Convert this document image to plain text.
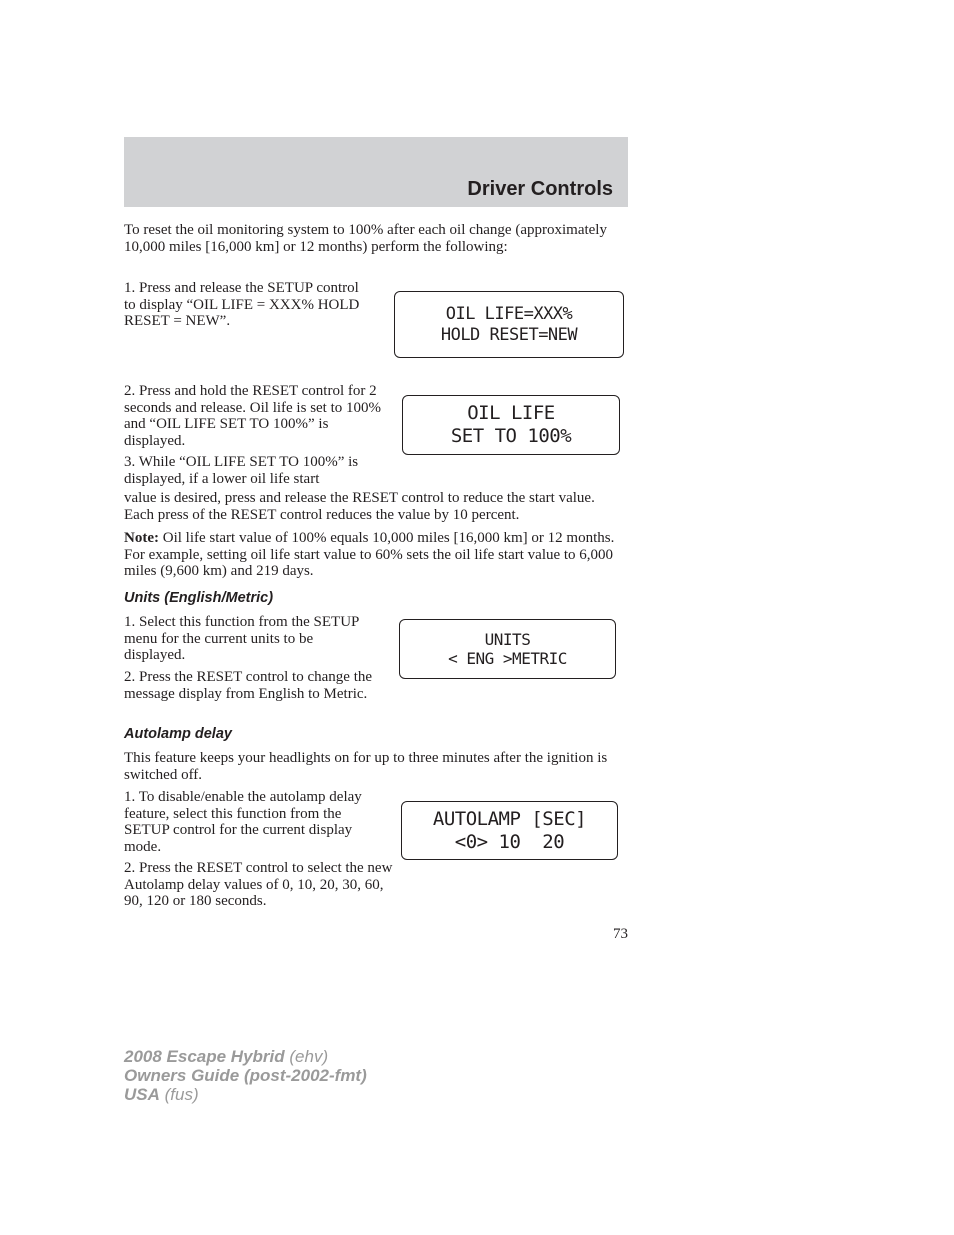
Driver Controls

To reset the oil monitoring system to 100% after each oil change (approximately 10,000 miles [16,000 km] or 12 months) perform the following:

1. Press and release the SETUP control to display “OIL LIFE = XXX% HOLD RESET = NEW”.	OIL LIFE=XXX%
HOLD RESET=NEW

2. Press and hold the RESET control for 2 seconds and release. Oil life is set to 100% and “OIL LIFE SET TO 100%” is displayed.

OIL LIFE
SET TO 100%

3. While “OIL LIFE SET TO 100%” is displayed, if a lower oil life start

value is desired, press and release the RESET control to reduce the start value. Each press of the RESET control reduces the value by 10 percent.

Note: Oil life start value of 100% equals 10,000 miles [16,000 km] or 12 months. For example, setting oil life start value to 60% sets the oil life start value to 6,000 miles (9,600 km) and 219 days.

Units (English/Metric)

1. Select this function from the SETUP menu for the current units to be displayed.

UNITS
< ENG >METRIC

2. Press the RESET control to change the message display from English to Metric.

Autolamp delay

This feature keeps your headlights on for up to three minutes after the ignition is switched off.

1. To disable/enable the autolamp delay feature, select this function from the SETUP control for the current display mode.

AUTOLAMP [SEC]
<0> 10  20

2. Press the RESET control to select the new Autolamp delay values of 0, 10, 20, 30, 60, 90, 120 or 180 seconds.

73
2008 Escape Hybrid (ehv)
Owners Guide (post-2002-fmt)
USA (fus)
